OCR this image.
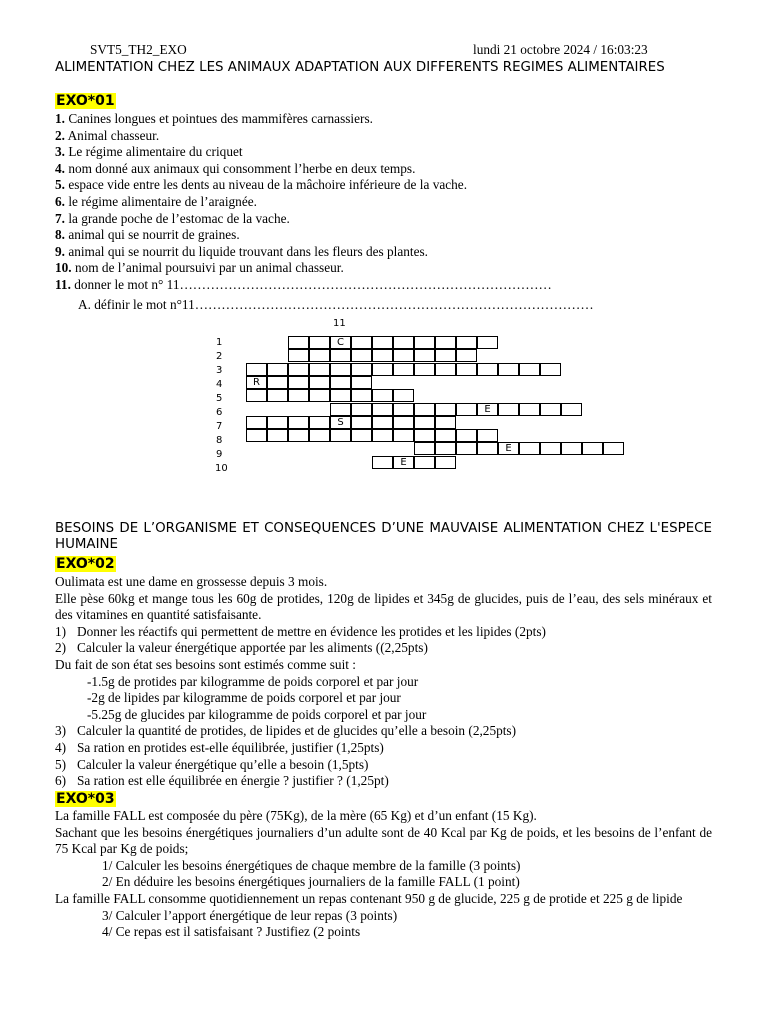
SVT5_TH2_EXO	lundi 21 octobre 2024 / 16:03:23
ALIMENTATION CHEZ LES ANIMAUX ADAPTATION AUX DIFFERENTS REGIMES ALIMENTAIRES
EXO*01
1. Canines longues et pointues des mammifères carnassiers.
2. Animal chasseur.
3. Le régime alimentaire du criquet
4. nom donné aux animaux qui consomment l’herbe en deux temps.
5. espace vide entre les dents au niveau de la mâchoire inférieure de la vache.
6. le régime alimentaire de l’araignée.
7. la grande poche de l’estomac de la vache.
8. animal qui se nourrit de graines.
9. animal qui se nourrit du liquide trouvant dans les fleurs des plantes.
10. nom de l’animal poursuivi par un animal chasseur.
11. donner le mot n° 11…………………………………………………………………………
A. définir le mot n°11………………………………………………………………………………
11
1
2
3
4
5
6
7
8
9
10
C
R
E
S
E
E
BESOINS DE L’ORGANISME ET CONSEQUENCES D’UNE MAUVAISE ALIMENTATION CHEZ L'ESPECE HUMAINE
EXO*02
Oulimata est une dame en grossesse depuis 3 mois.
Elle pèse 60kg et mange tous les 60g de protides, 120g de lipides et 345g de glucides, puis de l’eau, des sels minéraux et des vitamines en quantité satisfaisante.
1) Donner les réactifs qui permettent de mettre en évidence les protides et les lipides (2pts)
2) Calculer la valeur énergétique apportée par les aliments ((2,25pts)
Du fait de son état ses besoins sont estimés comme suit :
-1.5g de protides par kilogramme de poids corporel et par jour
-2g de lipides par kilogramme de poids corporel et par jour
-5.25g de glucides par kilogramme de poids corporel et par jour
3) Calculer la quantité de protides, de lipides et de glucides qu’elle a besoin (2,25pts)
4) Sa ration en protides est-elle équilibrée, justifier (1,25pts)
5) Calculer la valeur énergétique qu’elle a besoin (1,5pts)
6) Sa ration est elle équilibrée en énergie ? justifier ? (1,25pt)
EXO*03
La famille FALL est composée du père (75Kg), de la mère (65 Kg) et d’un enfant (15 Kg).
Sachant que les besoins énergétiques journaliers d’un adulte sont de 40 Kcal par Kg de poids, et les besoins de l’enfant de 75 Kcal par Kg de poids;
1/ Calculer les besoins énergétiques de chaque membre de la famille (3 points)
2/ En déduire les besoins énergétiques journaliers de la famille FALL (1 point)
La famille FALL consomme quotidiennement un repas contenant 950 g de glucide, 225 g de protide et 225 g de lipide
3/ Calculer l’apport énergétique de leur repas (3 points)
4/ Ce repas est il satisfaisant ? Justifiez (2 points
